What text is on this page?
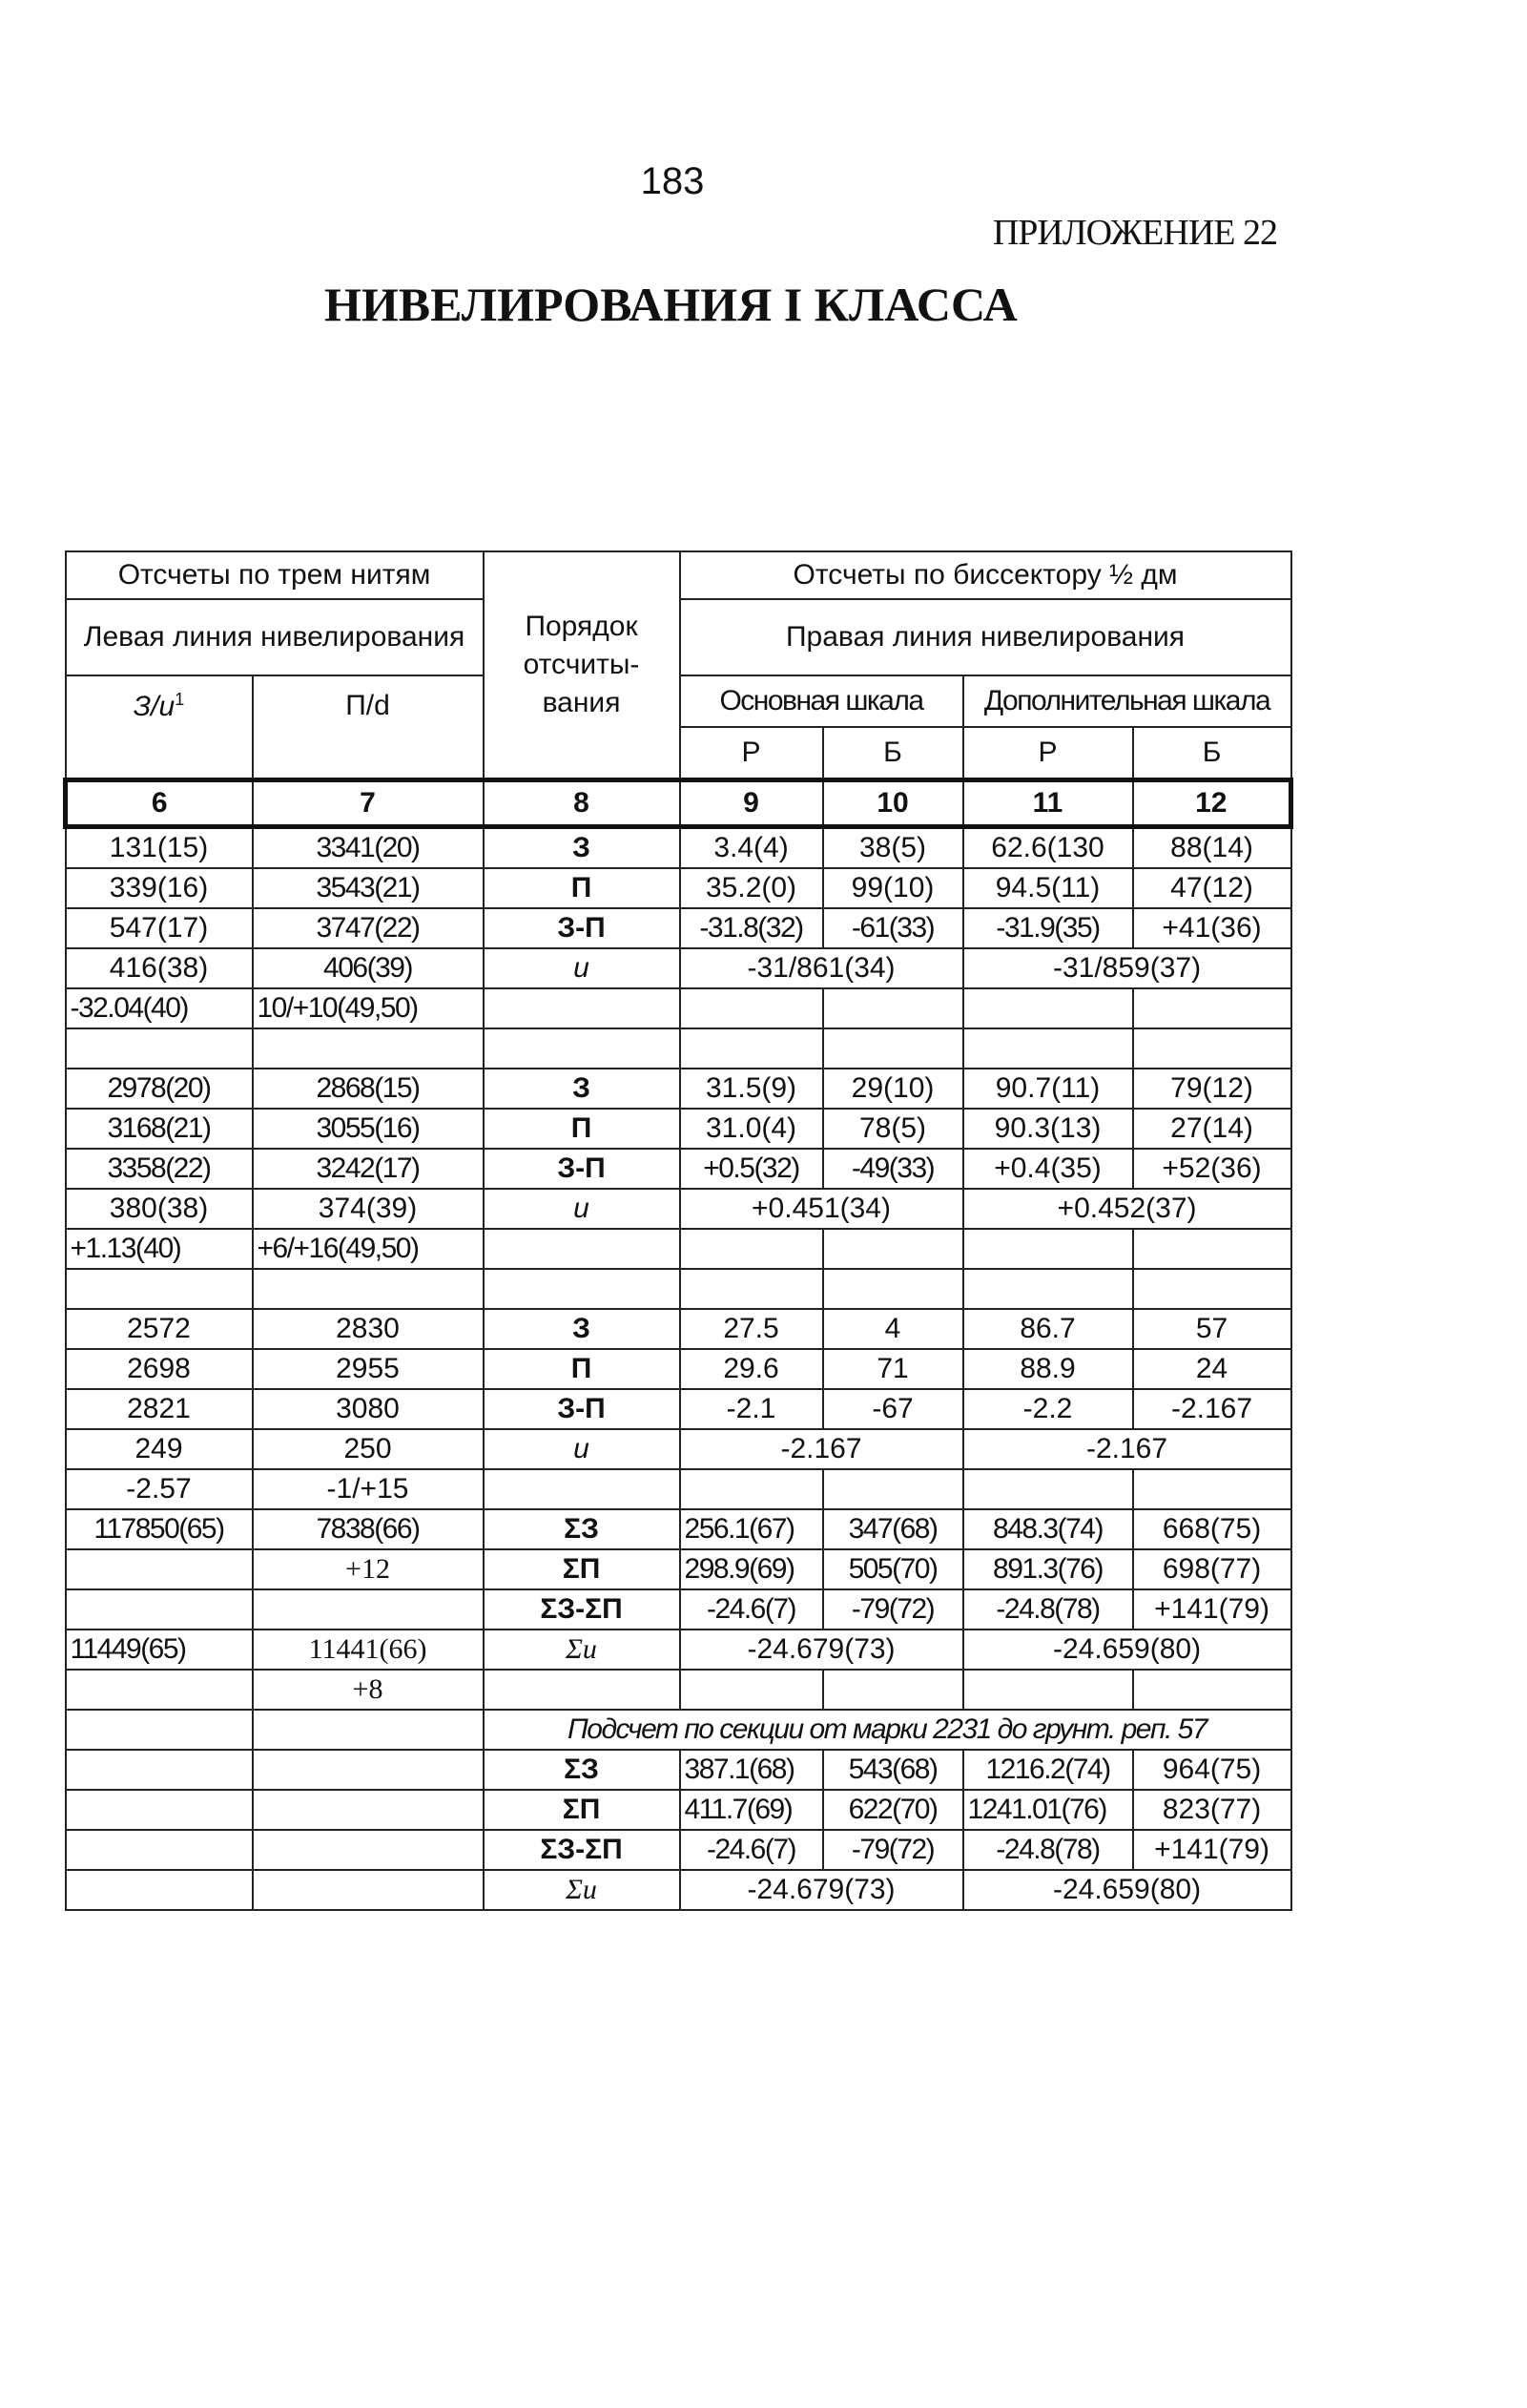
183
ПРИЛОЖЕНИЕ 22
НИВЕЛИРОВАНИЯ I КЛАССА
Отсчеты по трем нитям		Порядок отсчиты- вания	Отсчеты по биссектору ½ дм			

Левая линия нивелирования			Правая линия нивелирования			
$З/u^1$	П/d		Основная шкала		Дополнительная шкала	
			Р	Б	Р	Б
6	7	8	9	10	11	12
131(15)	3341(20)	З	3.4(4)	38(5)	62.6(130	88(14)
339(16)	3543(21)	П	35.2(0)	99(10)	94.5(11)	47(12)
547(17)	3747(22)	З-П	-31.8(32)	-61(33)	-31.9(35)	+41(36)
416(38)	406(39)	u	-31/861(34)		-31/859(37)	
-32.04(40)	10/+10(49,50)					

2978(20)	2868(15)	З	31.5(9)	29(10)	90.7(11)	79(12)
3168(21)	3055(16)	П	31.0(4)	78(5)	90.3(13)	27(14)
3358(22)	3242(17)	З-П	+0.5(32)	-49(33)	+0.4(35)	+52(36)
380(38)	374(39)	u	+0.451(34)		+0.452(37)	
+1.13(40)	+6/+16(49,50)					

2572	2830	З	27.5	4	86.7	57
2698	2955	П	29.6	71	88.9	24
2821	3080	З-П	-2.1	-67	-2.2	-2.167
249	250	u	-2.167		-2.167	
-2.57	-1/+15					
117850(65)	7838(66)	ΣЗ	256.1(67)	347(68)	848.3(74)	668(75)
	+12	ΣП	298.9(69)	505(70)	891.3(76)	698(77)
		ΣЗ-ΣП	-24.6(7)	-79(72)	-24.8(78)	+141(79)
11449(65)	11441(66)	Σu	-24.679(73)		-24.659(80)	
	+8					
		Подсчет по секции от марки 2231 до грунт. реп. 57				
		ΣЗ	387.1(68)	543(68)	1216.2(74)	964(75)
		ΣП	411.7(69)	622(70)	1241.01(76)	823(77)
		ΣЗ-ΣП	-24.6(7)	-79(72)	-24.8(78)	+141(79)
		Σu	-24.679(73)		-24.659(80)	
